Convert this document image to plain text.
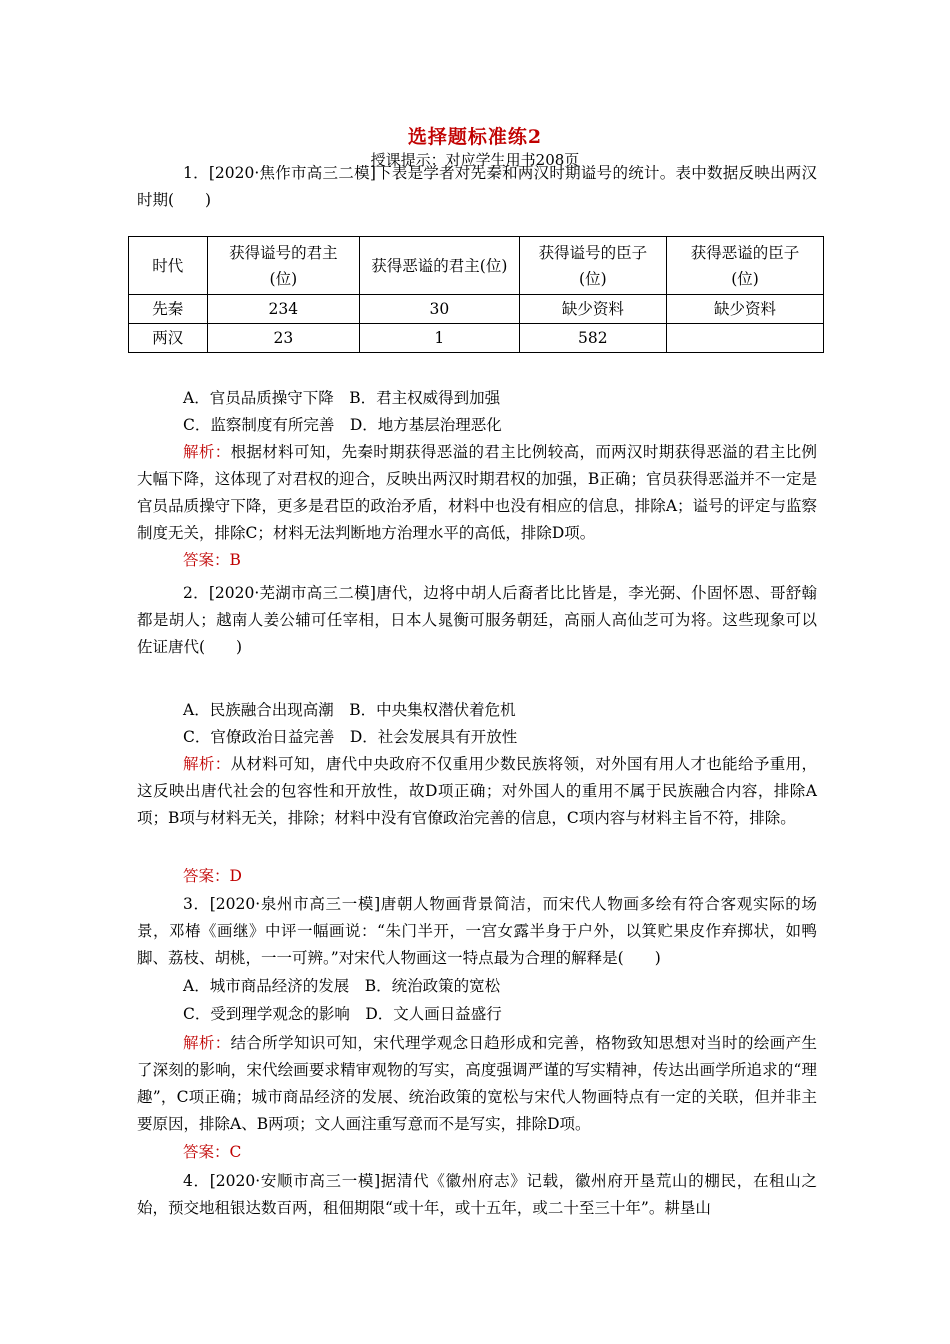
选择题标准练2
授课提示：对应学生用书208页
1．[2020·焦作市高三二模]下表是学者对先秦和两汉时期谥号的统计。表中数据反映出两汉时期(　　)
时代	获得谥号的君主(位)	获得恶谥的君主(位)	获得谥号的臣子(位)	获得恶谥的臣子(位)
先秦	234	30	缺少资料	缺少资料
两汉	23	1	582	
A．官员品质操守下降　B．君主权威得到加强
C．监察制度有所完善　D．地方基层治理恶化
解析：根据材料可知，先秦时期获得恶溢的君主比例较高，而两汉时期获得恶溢的君主比例大幅下降，这体现了对君权的迎合，反映出两汉时期君权的加强，B正确；官员获得恶溢并不一定是官员品质操守下降，更多是君臣的政治矛盾，材料中也没有相应的信息，排除A；谥号的评定与监察制度无关，排除C；材料无法判断地方治理水平的高低，排除D项。
答案：B
2．[2020·芜湖市高三二模]唐代，边将中胡人后裔者比比皆是，李光弼、仆固怀恩、哥舒翰都是胡人；越南人姜公辅可任宰相，日本人晁衡可服务朝廷，高丽人高仙芝可为将。这些现象可以佐证唐代(　　)
A．民族融合出现高潮　B．中央集权潜伏着危机
C．官僚政治日益完善　D．社会发展具有开放性
解析：从材料可知，唐代中央政府不仅重用少数民族将领，对外国有用人才也能给予重用，这反映出唐代社会的包容性和开放性，故D项正确；对外国人的重用不属于民族融合内容，排除A项；B项与材料无关，排除；材料中没有官僚政治完善的信息，C项内容与材料主旨不符，排除。
答案：D
3．[2020·泉州市高三一模]唐朝人物画背景简洁，而宋代人物画多绘有符合客观实际的场景，邓椿《画继》中评一幅画说：“朱门半开，一宫女露半身于户外，以箕贮果皮作弃掷状，如鸭脚、荔枝、胡桃，一一可辨。”对宋代人物画这一特点最为合理的解释是(　　)
A．城市商品经济的发展　B．统治政策的宽松
C．受到理学观念的影响　D．文人画日益盛行
解析：结合所学知识可知，宋代理学观念日趋形成和完善，格物致知思想对当时的绘画产生了深刻的影响，宋代绘画要求精审观物的写实，高度强调严谨的写实精神，传达出画学所追求的“理趣”，C项正确；城市商品经济的发展、统治政策的宽松与宋代人物画特点有一定的关联，但并非主要原因，排除A、B两项；文人画注重写意而不是写实，排除D项。
答案：C
4．[2020·安顺市高三一模]据清代《徽州府志》记载，徽州府开垦荒山的棚民，在租山之始，预交地租银达数百两，租佃期限“或十年，或十五年，或二十至三十年”。耕垦山
